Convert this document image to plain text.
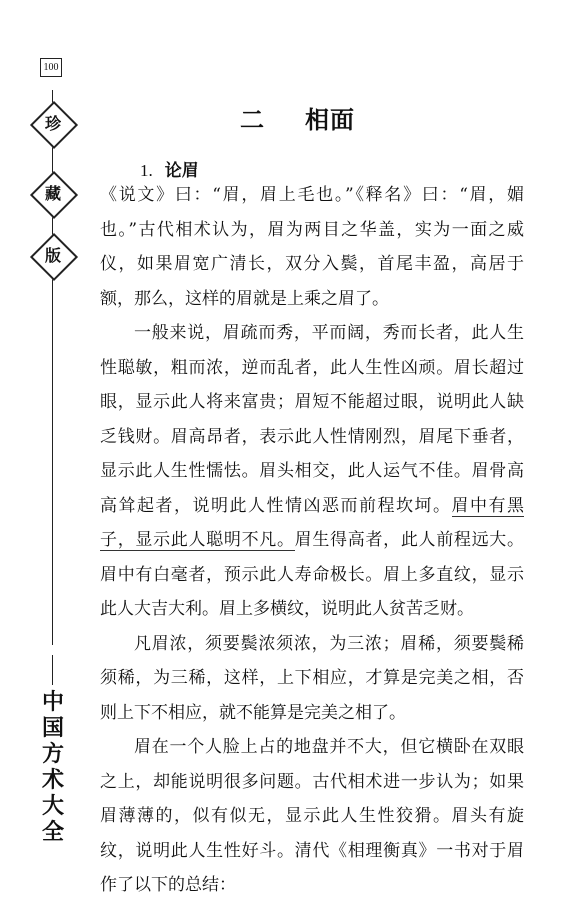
100
珍
藏
版
中
国
方
术
大
全
二 相面
1. 论眉

《说文》曰：“眉，眉上毛也。”《释名》曰：“眉，媚也。”古代相术认为，眉为两目之华盖，实为一面之威仪，如果眉宽广清长，双分入鬓，首尾丰盈，高居于额，那么，这样的眉就是上乘之眉了。

一般来说，眉疏而秀，平而阔，秀而长者，此人生性聪敏，粗而浓，逆而乱者，此人生性凶顽。眉长超过眼，显示此人将来富贵；眉短不能超过眼，说明此人缺乏钱财。眉高昂者，表示此人性情刚烈，眉尾下垂者，显示此人生性懦怯。眉头相交，此人运气不佳。眉骨高高耸起者，说明此人性情凶恶而前程坎坷。眉中有黑子，显示此人聪明不凡。眉生得高者，此人前程远大。眉中有白毫者，预示此人寿命极长。眉上多直纹，显示此人大吉大利。眉上多横纹，说明此人贫苦乏财。

凡眉浓，须要鬓浓须浓，为三浓；眉稀，须要鬓稀须稀，为三稀，这样，上下相应，才算是完美之相，否则上下不相应，就不能算是完美之相了。

眉在一个人脸上占的地盘并不大，但它横卧在双眼之上，却能说明很多问题。古代相术进一步认为；如果眉薄薄的，似有似无，显示此人生性狡猾。眉头有旋纹，说明此人生性好斗。清代《相理衡真》一书对于眉作了以下的总结：
